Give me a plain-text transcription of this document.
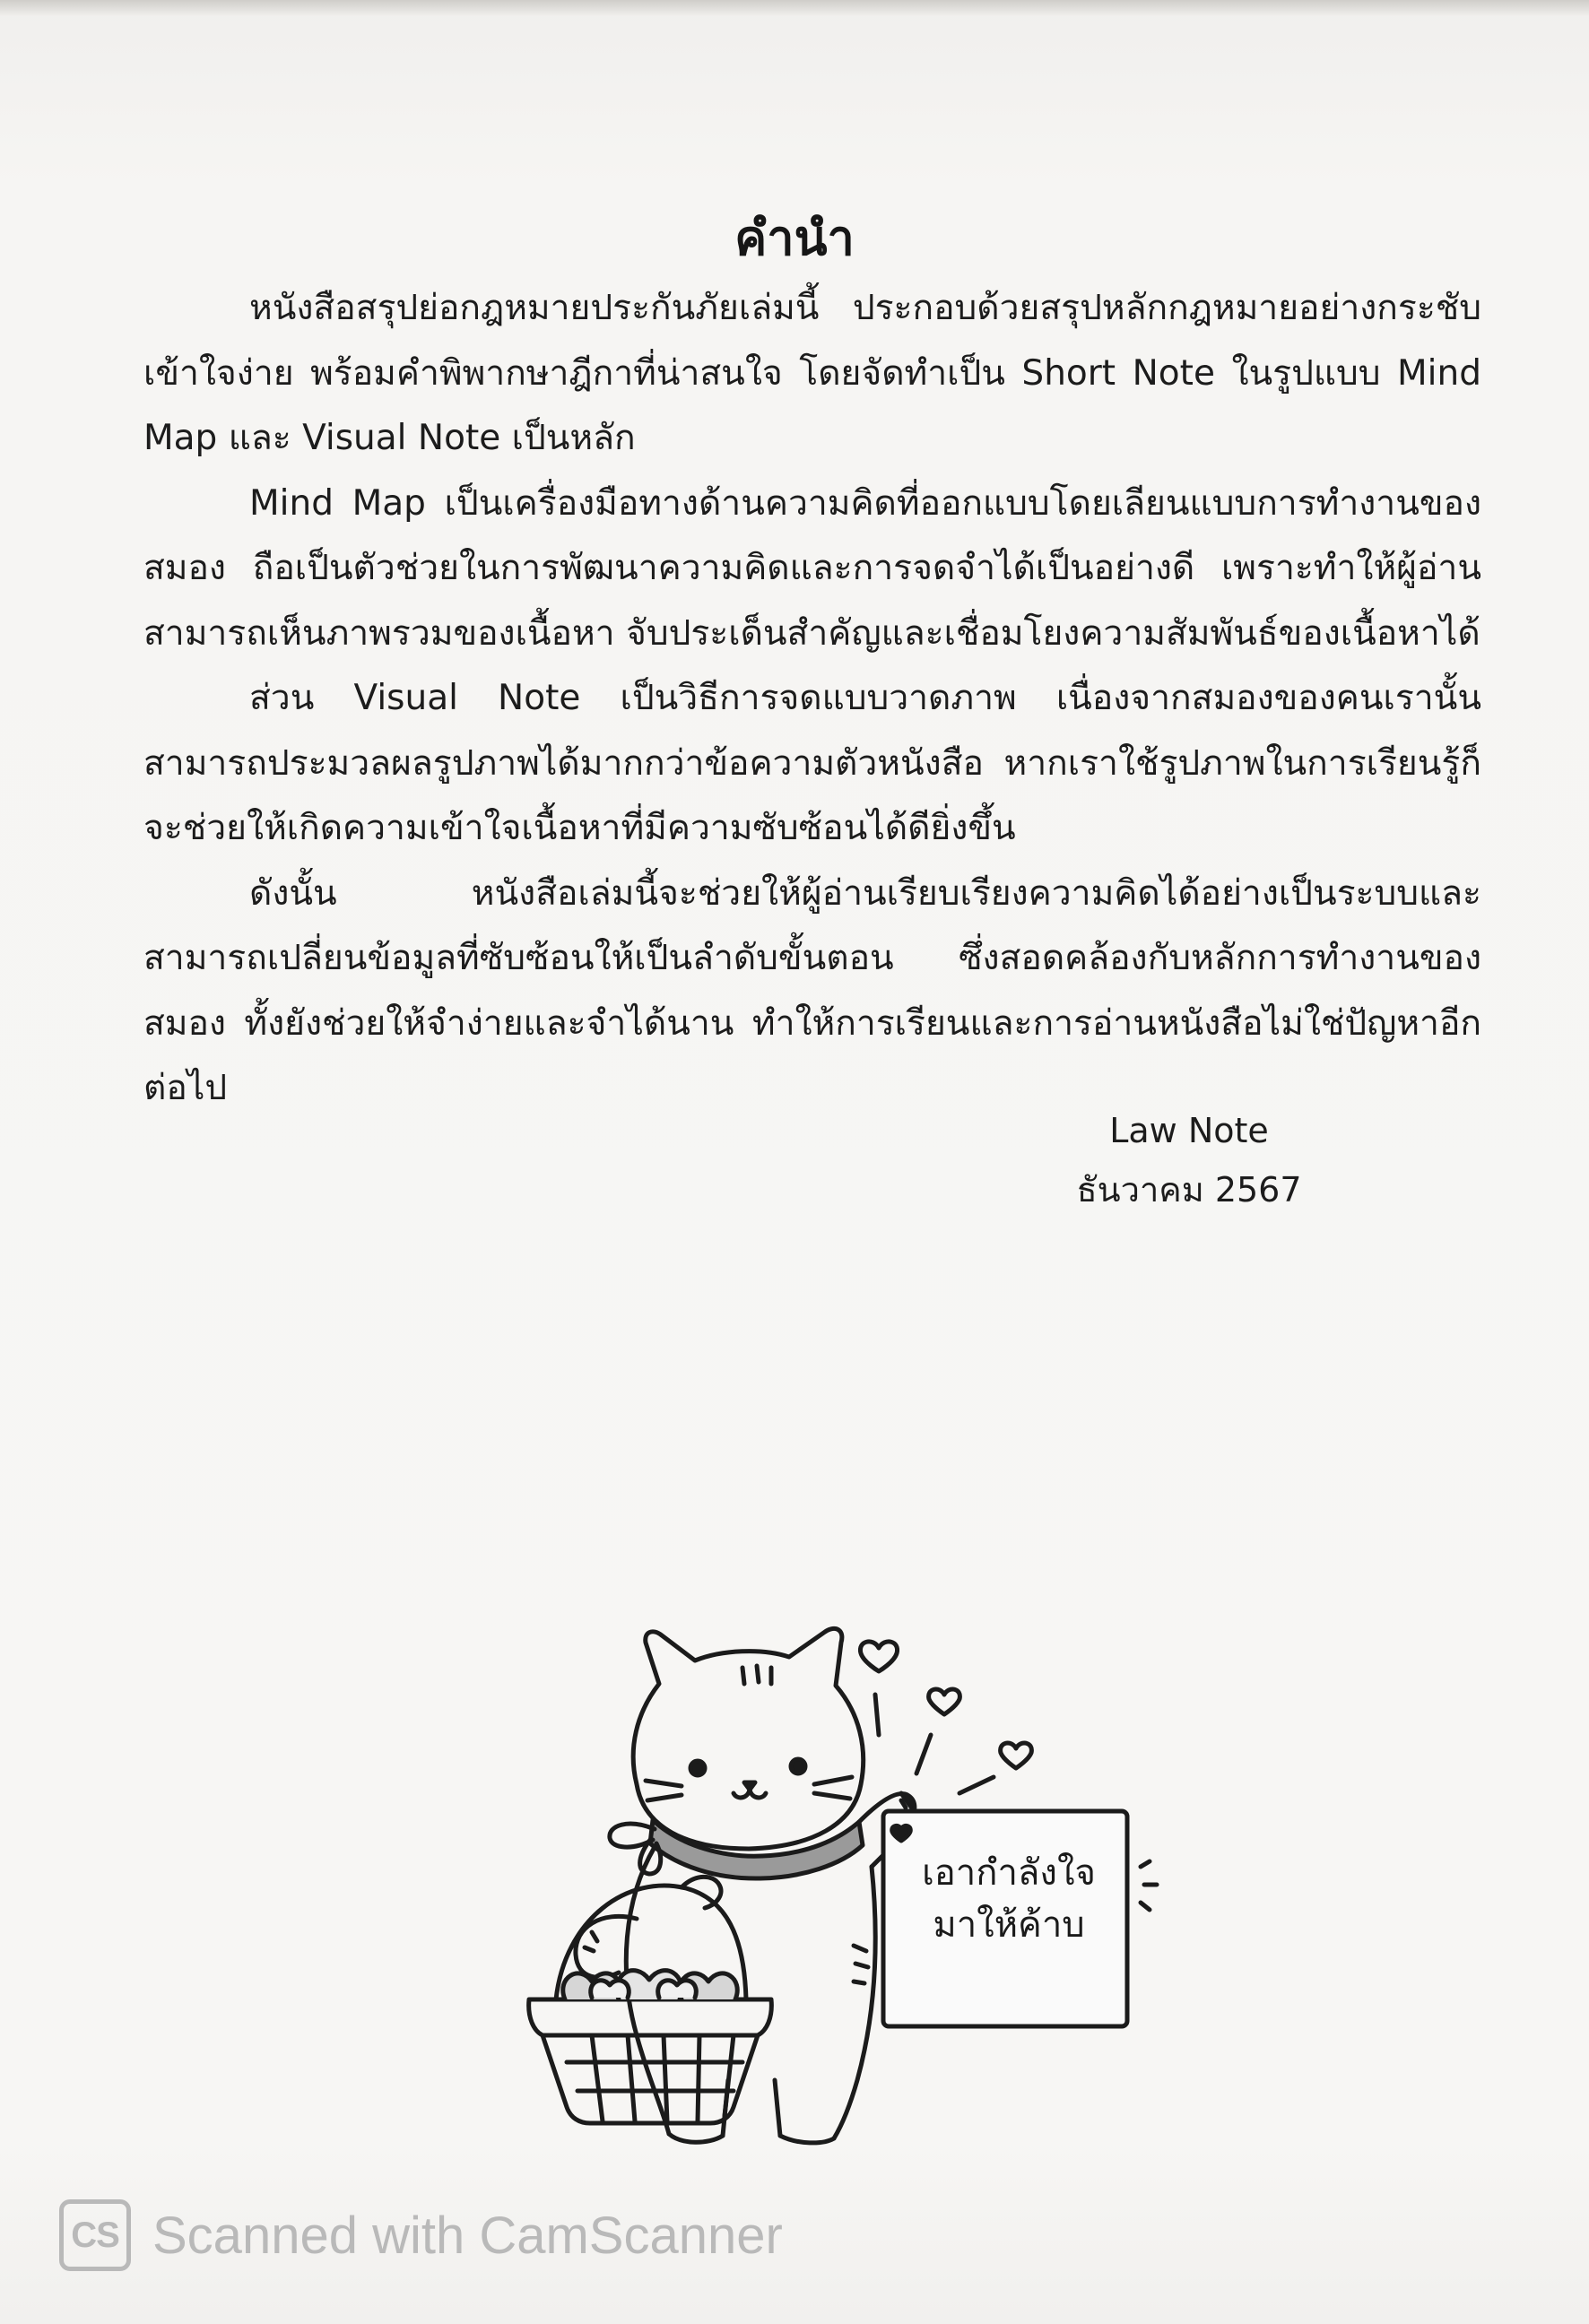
คำนำ

หนังสือสรุปย่อกฎหมายประกันภัยเล่มนี้ ประกอบด้วยสรุปหลักกฎหมายอย่างกระชับ เข้าใจง่าย พร้อมคำพิพากษาฎีกาที่น่าสนใจ โดยจัดทำเป็น Short Note ในรูปแบบ Mind Map และ Visual Note เป็นหลัก

Mind Map เป็นเครื่องมือทางด้านความคิดที่ออกแบบโดยเลียนแบบการทำงานของสมอง ถือเป็นตัวช่วยในการพัฒนาความคิดและการจดจำได้เป็นอย่างดี เพราะทำให้ผู้อ่านสามารถเห็นภาพรวมของเนื้อหา จับประเด็นสำคัญและเชื่อมโยงความสัมพันธ์ของเนื้อหาได้

ส่วน Visual Note เป็นวิธีการจดแบบวาดภาพ เนื่องจากสมองของคนเรานั้นสามารถประมวลผลรูปภาพได้มากกว่าข้อความตัวหนังสือ หากเราใช้รูปภาพในการเรียนรู้ก็จะช่วยให้เกิดความเข้าใจเนื้อหาที่มีความซับซ้อนได้ดียิ่งขึ้น

ดังนั้น หนังสือเล่มนี้จะช่วยให้ผู้อ่านเรียบเรียงความคิดได้อย่างเป็นระบบและสามารถเปลี่ยนข้อมูลที่ซับซ้อนให้เป็นลำดับขั้นตอน ซึ่งสอดคล้องกับหลักการทำงานของสมอง ทั้งยังช่วยให้จำง่ายและจำได้นาน ทำให้การเรียนและการอ่านหนังสือไม่ใช่ปัญหาอีกต่อไป

Law Note
ธันวาคม 2567
เอากำลังใจ
มาให้ค้าบ
CS Scanned with CamScanner
